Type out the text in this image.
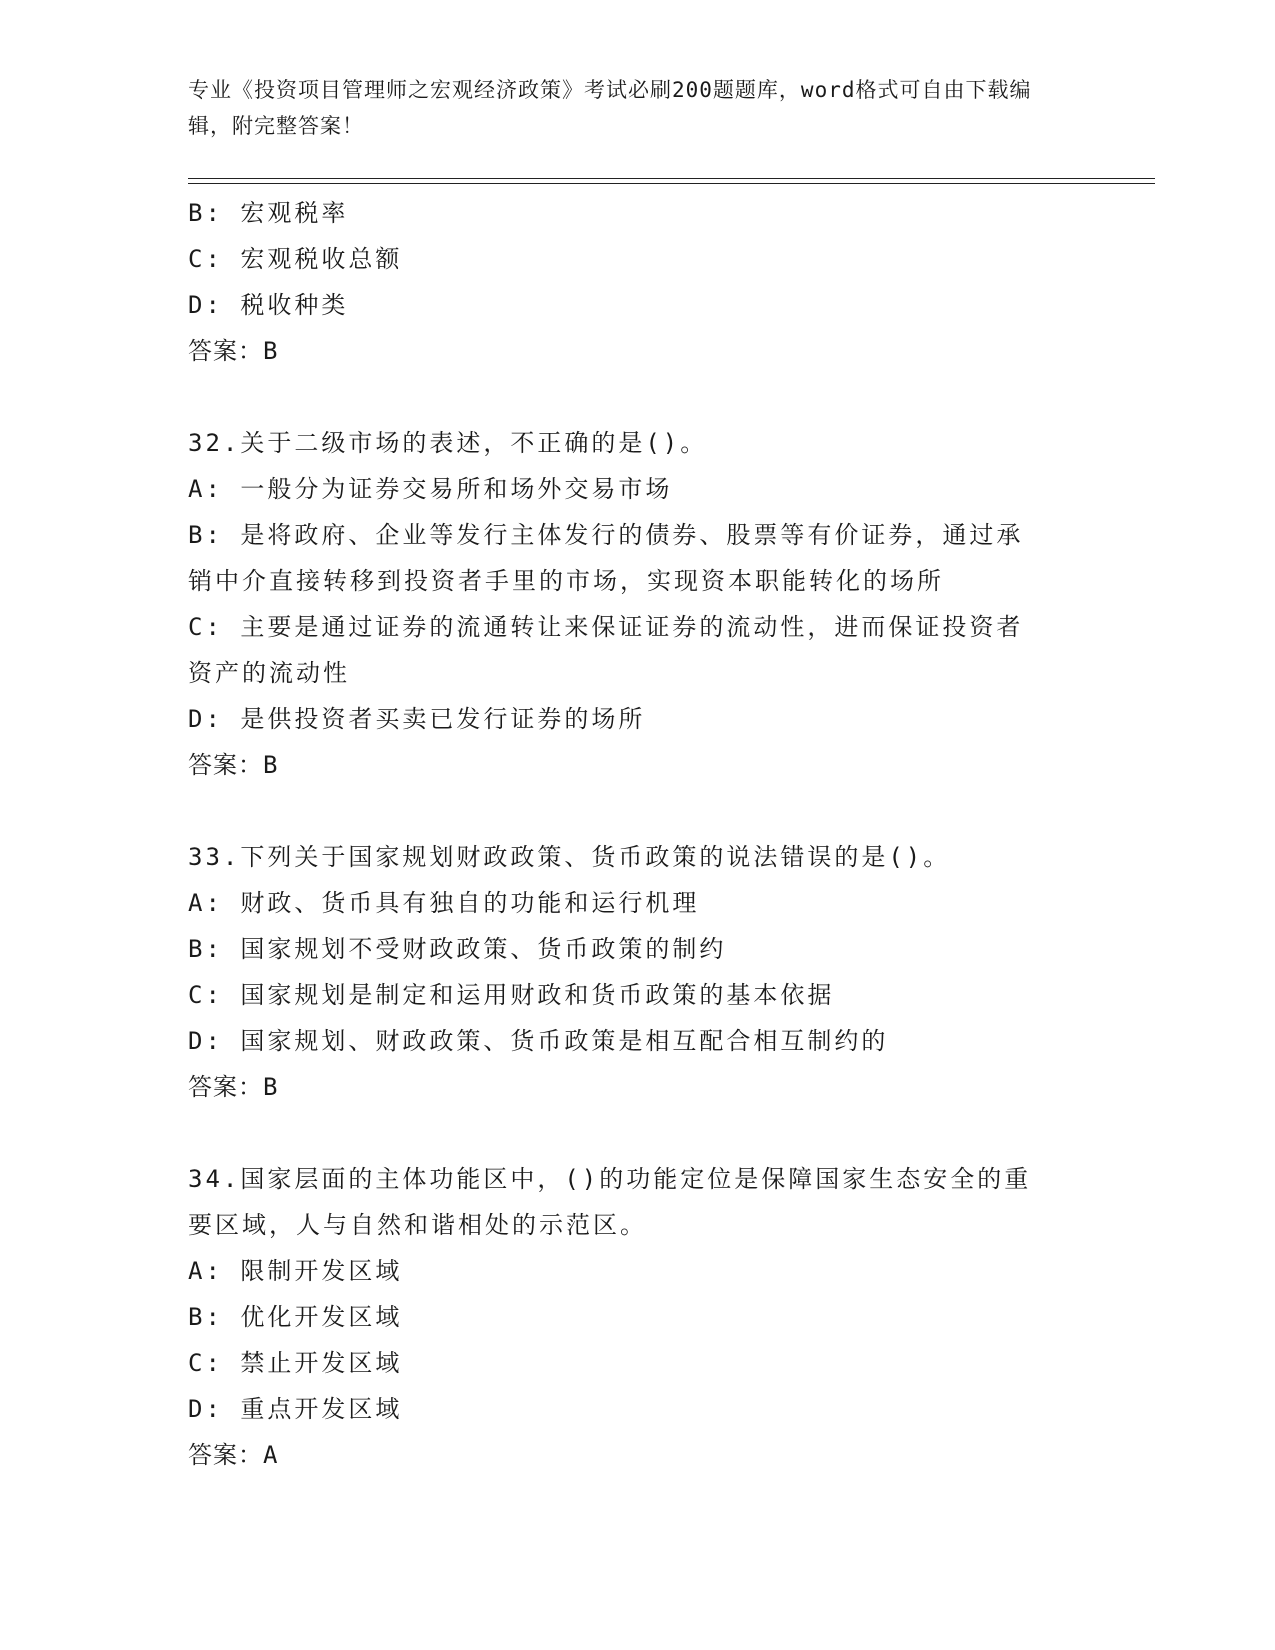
专业《投资项目管理师之宏观经济政策》考试必刷200题题库，word格式可自由下载编辑，附完整答案！
B: 宏观税率
C: 宏观税收总额
D: 税收种类
答案：B
32.关于二级市场的表述，不正确的是()。
A: 一般分为证券交易所和场外交易市场
B: 是将政府、企业等发行主体发行的债券、股票等有价证券，通过承
销中介直接转移到投资者手里的市场，实现资本职能转化的场所
C: 主要是通过证券的流通转让来保证证券的流动性，进而保证投资者
资产的流动性
D: 是供投资者买卖已发行证券的场所
答案：B
33.下列关于国家规划财政政策、货币政策的说法错误的是()。
A: 财政、货币具有独自的功能和运行机理
B: 国家规划不受财政政策、货币政策的制约
C: 国家规划是制定和运用财政和货币政策的基本依据
D: 国家规划、财政政策、货币政策是相互配合相互制约的
答案：B
34.国家层面的主体功能区中，()的功能定位是保障国家生态安全的重
要区域，人与自然和谐相处的示范区。
A: 限制开发区域
B: 优化开发区域
C: 禁止开发区域
D: 重点开发区域
答案：A
